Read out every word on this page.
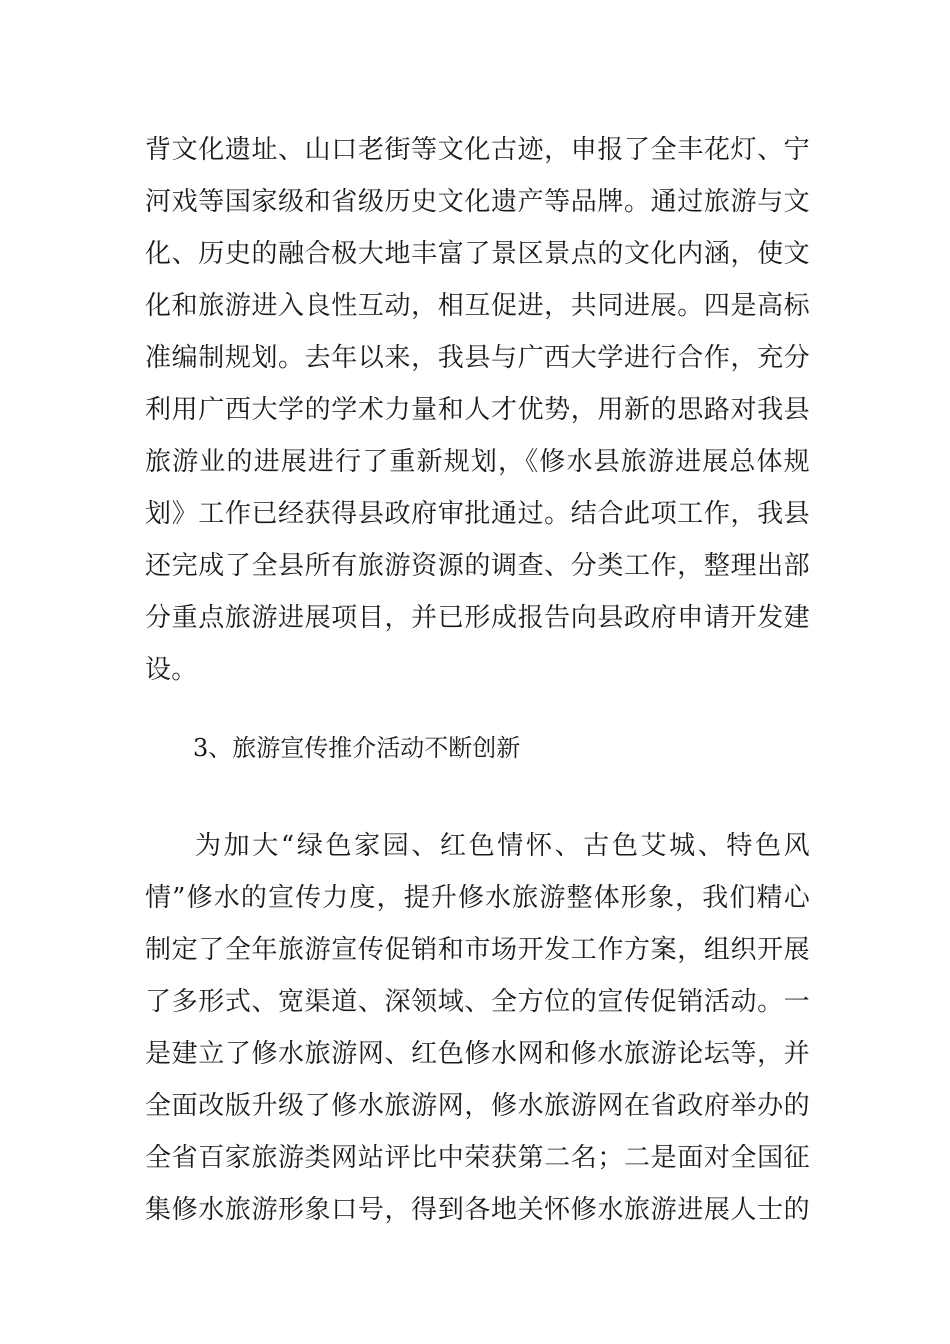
背文化遗址、山口老街等文化古迹，申报了全丰花灯、宁
河戏等国家级和省级历史文化遗产等品牌。通过旅游与文
化、历史的融合极大地丰富了景区景点的文化内涵，使文
化和旅游进入良性互动，相互促进，共同进展。四是高标
准编制规划。去年以来，我县与广西大学进行合作，充分
利用广西大学的学术力量和人才优势，用新的思路对我县
旅游业的进展进行了重新规划，《修水县旅游进展总体规
划》工作已经获得县政府审批通过。结合此项工作，我县
还完成了全县所有旅游资源的调查、分类工作，整理出部
分重点旅游进展项目，并已形成报告向县政府申请开发建
设。
3、旅游宣传推介活动不断创新
为加大“绿色家园、红色情怀、古色艾城、特色风
情”修水的宣传力度，提升修水旅游整体形象，我们精心
制定了全年旅游宣传促销和市场开发工作方案，组织开展
了多形式、宽渠道、深领域、全方位的宣传促销活动。一
是建立了修水旅游网、红色修水网和修水旅游论坛等，并
全面改版升级了修水旅游网，修水旅游网在省政府举办的
全省百家旅游类网站评比中荣获第二名；二是面对全国征
集修水旅游形象口号，得到各地关怀修水旅游进展人士的
